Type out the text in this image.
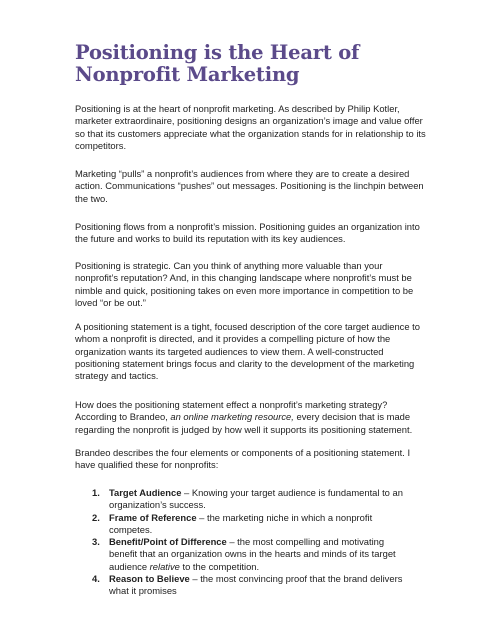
Positioning is the Heart of
Nonprofit Marketing

Positioning is at the heart of nonprofit marketing. As described by Philip Kotler,
marketer extraordinaire, positioning designs an organization’s image and value offer
so that its customers appreciate what the organization stands for in relationship to its
competitors.

Marketing “pulls” a nonprofit’s audiences from where they are to create a desired
action. Communications “pushes” out messages. Positioning is the linchpin between
the two.

Positioning flows from a nonprofit’s mission. Positioning guides an organization into
the future and works to build its reputation with its key audiences.

Positioning is strategic. Can you think of anything more valuable than your
nonprofit’s reputation? And, in this changing landscape where nonprofit’s must be
nimble and quick, positioning takes on even more importance in competition to be
loved “or be out.”

A positioning statement is a tight, focused description of the core target audience to
whom a nonprofit is directed, and it provides a compelling picture of how the
organization wants its targeted audiences to view them. A well-constructed
positioning statement brings focus and clarity to the development of the marketing
strategy and tactics.

How does the positioning statement effect a nonprofit’s marketing strategy?
According to Brandeo, an online marketing resource, every decision that is made
regarding the nonprofit is judged by how well it supports its positioning statement.

Brandeo describes the four elements or components of a positioning statement. I
have qualified these for nonprofits:

1. Target Audience – Knowing your target audience is fundamental to an
organization’s success.
2. Frame of Reference – the marketing niche in which a nonprofit
competes.
3. Benefit/Point of Difference – the most compelling and motivating
benefit that an organization owns in the hearts and minds of its target
audience relative to the competition.
4. Reason to Believe – the most convincing proof that the brand delivers
what it promises
